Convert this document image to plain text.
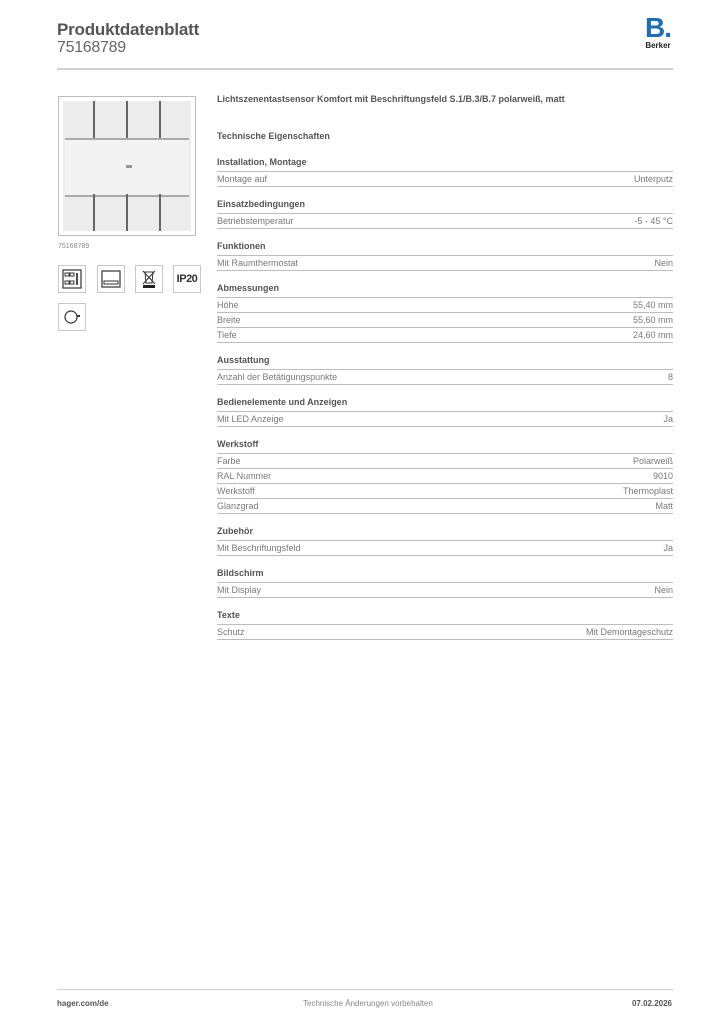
Produktdatenblatt
75168789
B.
Berker
75168789
IP20
Lichtszenentastsensor Komfort mit Beschriftungsfeld S.1/B.3/B.7 polarweiß, matt
Technische Eigenschaften
Installation, Montage
Montage auf	Unterputz
Einsatzbedingungen
Betriebstemperatur	-5 - 45 °C
Funktionen
Mit Raumthermostat	Nein
Abmessungen
Höhe	55,40 mm
Breite	55,60 mm
Tiefe	24,60 mm
Ausstattung
Anzahl der Betätigungspunkte	8
Bedienelemente und Anzeigen
Mit LED Anzeige	Ja
Werkstoff
Farbe	Polarweiß
RAL Nummer	9010
Werkstoff	Thermoplast
Glanzgrad	Matt
Zubehör
Mit Beschriftungsfeld	Ja
Bildschirm
Mit Display	Nein
Texte
Schutz	Mit Demontageschutz
hager.com/de	Technische Änderungen vorbehalten	07.02.2026
